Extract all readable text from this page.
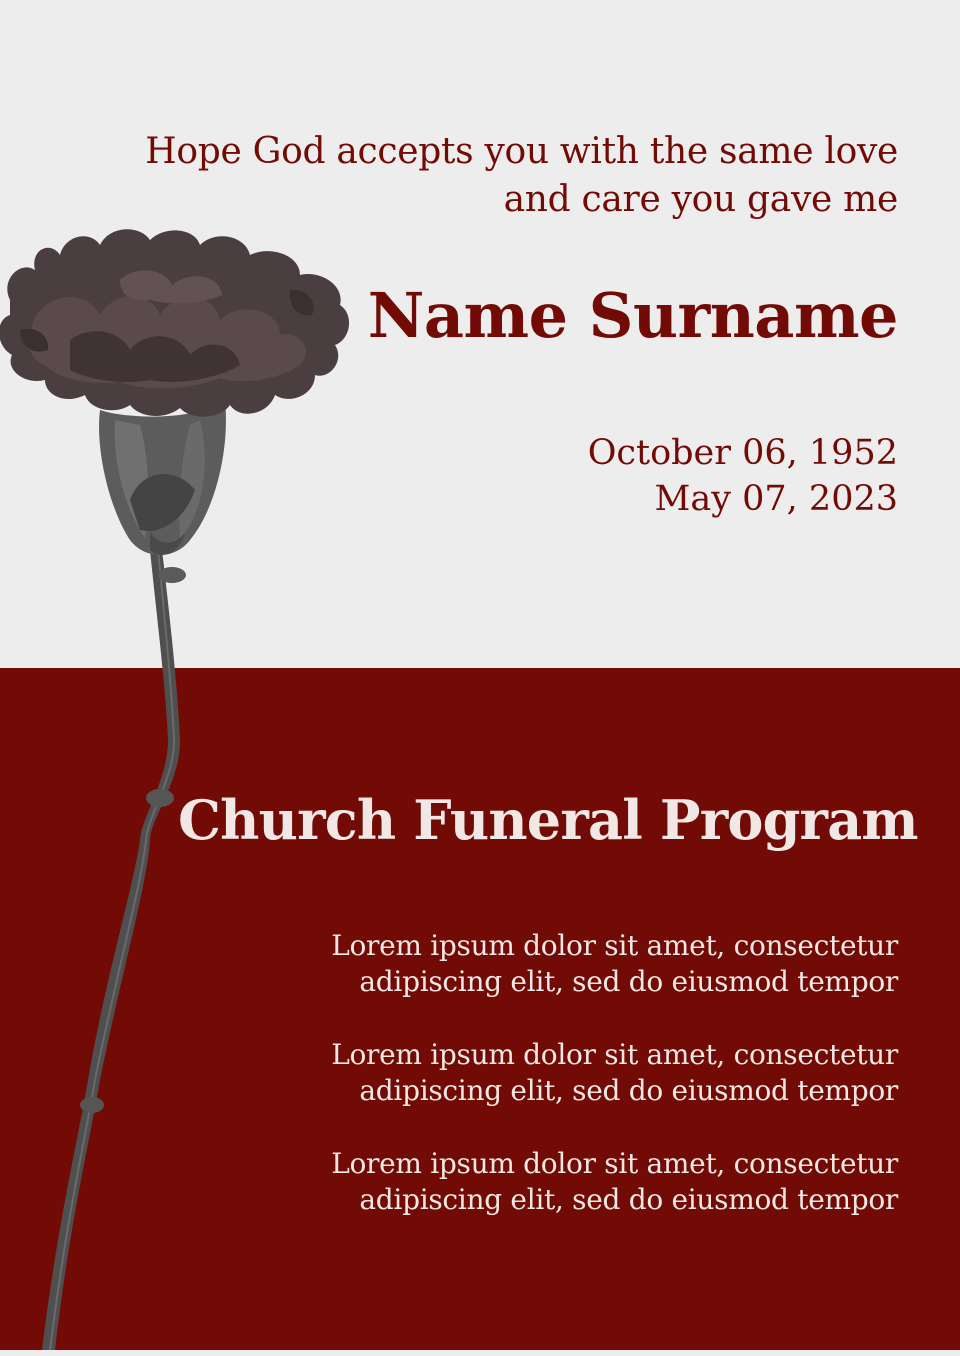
Hope God accepts you with the same love
and care you gave me

Name Surname

October 06, 1952
May 07, 2023

Church Funeral Program

Lorem ipsum dolor sit amet, consectetur
adipiscing elit, sed do eiusmod tempor

Lorem ipsum dolor sit amet, consectetur
adipiscing elit, sed do eiusmod tempor

Lorem ipsum dolor sit amet, consectetur
adipiscing elit, sed do eiusmod tempor
